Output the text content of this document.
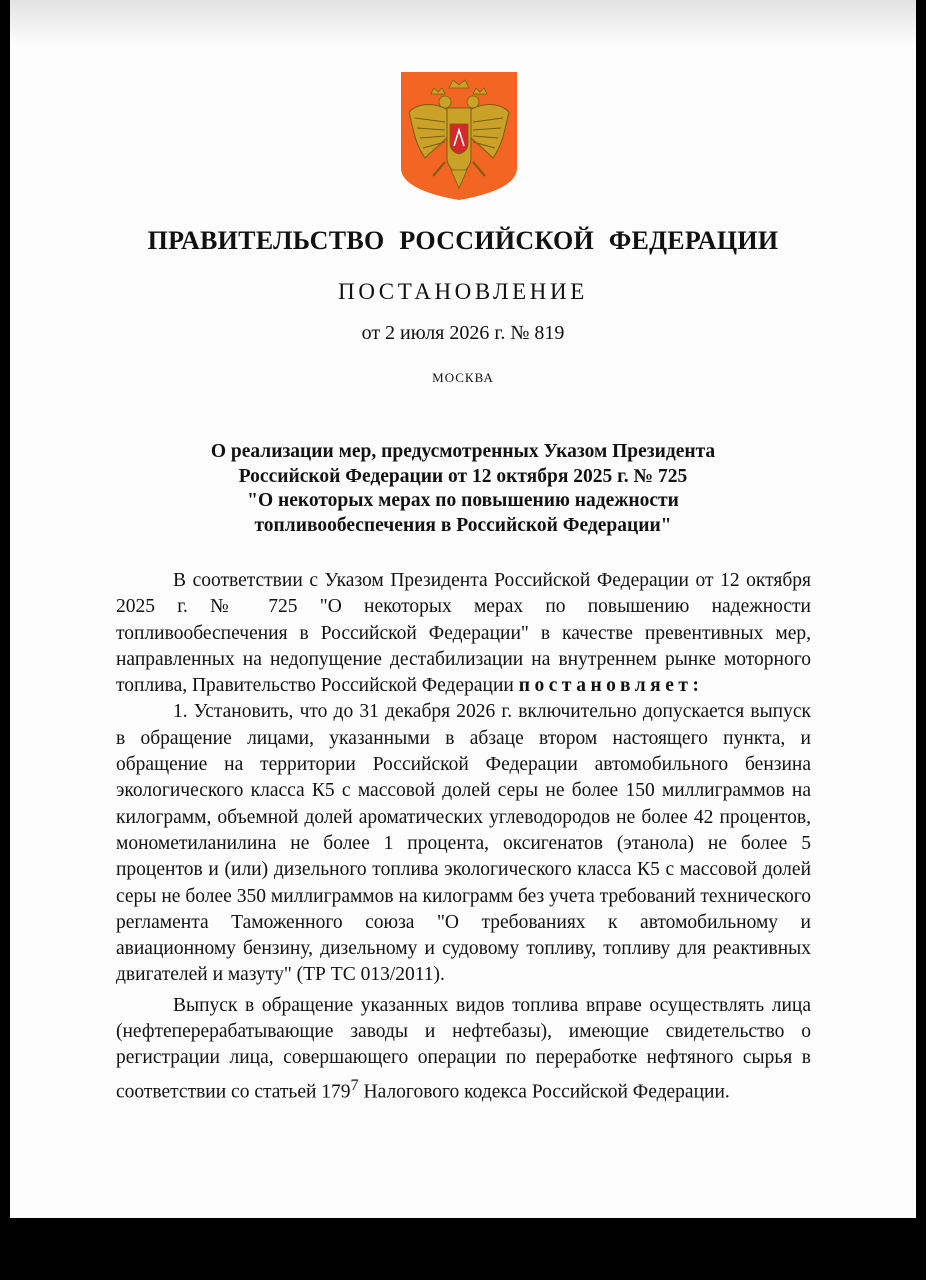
ПРАВИТЕЛЬСТВО РОССИЙСКОЙ ФЕДЕРАЦИИ
ПОСТАНОВЛЕНИЕ
от 2 июля 2026 г. № 819
МОСКВА
О реализации мер, предусмотренных Указом Президента
Российской Федерации от 12 октября 2025 г. № 725
"О некоторых мерах по повышению надежности
топливообеспечения в Российской Федерации"

В соответствии с Указом Президента Российской Федерации от 12 октября 2025 г. № 725 "О некоторых мерах по повышению надежности топливообеспечения в Российской Федерации" в качестве превентивных мер, направленных на недопущение дестабилизации на внутреннем рынке моторного топлива, Правительство Российской Федерации постановляет:

1. Установить, что до 31 декабря 2026 г. включительно допускается выпуск в обращение лицами, указанными в абзаце втором настоящего пункта, и обращение на территории Российской Федерации автомобильного бензина экологического класса К5 с массовой долей серы не более 150 миллиграммов на килограмм, объемной долей ароматических углеводородов не более 42 процентов, монометиланилина не более 1 процента, оксигенатов (этанола) не более 5 процентов и (или) дизельного топлива экологического класса К5 с массовой долей серы не более 350 миллиграммов на килограмм без учета требований технического регламента Таможенного союза "О требованиях к автомобильному и авиационному бензину, дизельному и судовому топливу, топливу для реактивных двигателей и мазуту" (ТР ТС 013/2011).

Выпуск в обращение указанных видов топлива вправе осуществлять лица (нефтеперерабатывающие заводы и нефтебазы), имеющие свидетельство о регистрации лица, совершающего операции по переработке нефтяного сырья в соответствии со статьей $179^7$ Налогового кодекса Российской Федерации.
